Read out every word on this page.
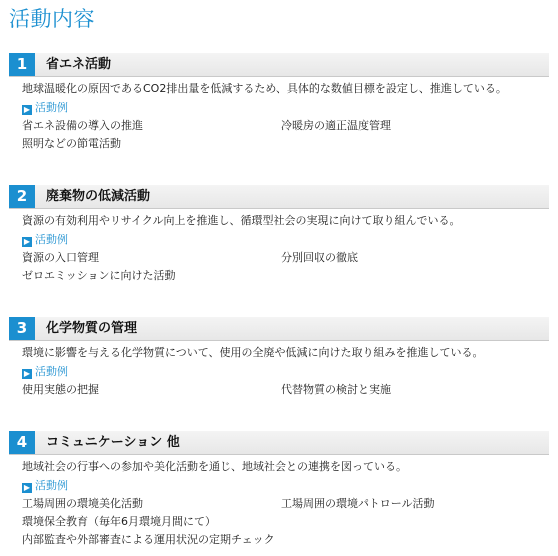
活動内容
1	省エネ活動
地球温暖化の原因であるCO2排出量を低減するため、具体的な数値目標を設定し、推進している。
▶ 活動例
省エネ設備の導入の推進	冷暖房の適正温度管理
照明などの節電活動
2	廃棄物の低減活動
資源の有効利用やリサイクル向上を推進し、循環型社会の実現に向けて取り組んでいる。
▶ 活動例
資源の入口管理	分別回収の徹底
ゼロエミッションに向けた活動
3	化学物質の管理
環境に影響を与える化学物質について、使用の全廃や低減に向けた取り組みを推進している。
▶ 活動例
使用実態の把握	代替物質の検討と実施
4	コミュニケーション 他
地域社会の行事への参加や美化活動を通じ、地域社会との連携を図っている。
▶ 活動例
工場周囲の環境美化活動	工場周囲の環境パトロール活動
環境保全教育（毎年6月環境月間にて）
内部監査や外部審査による運用状況の定期チェック
